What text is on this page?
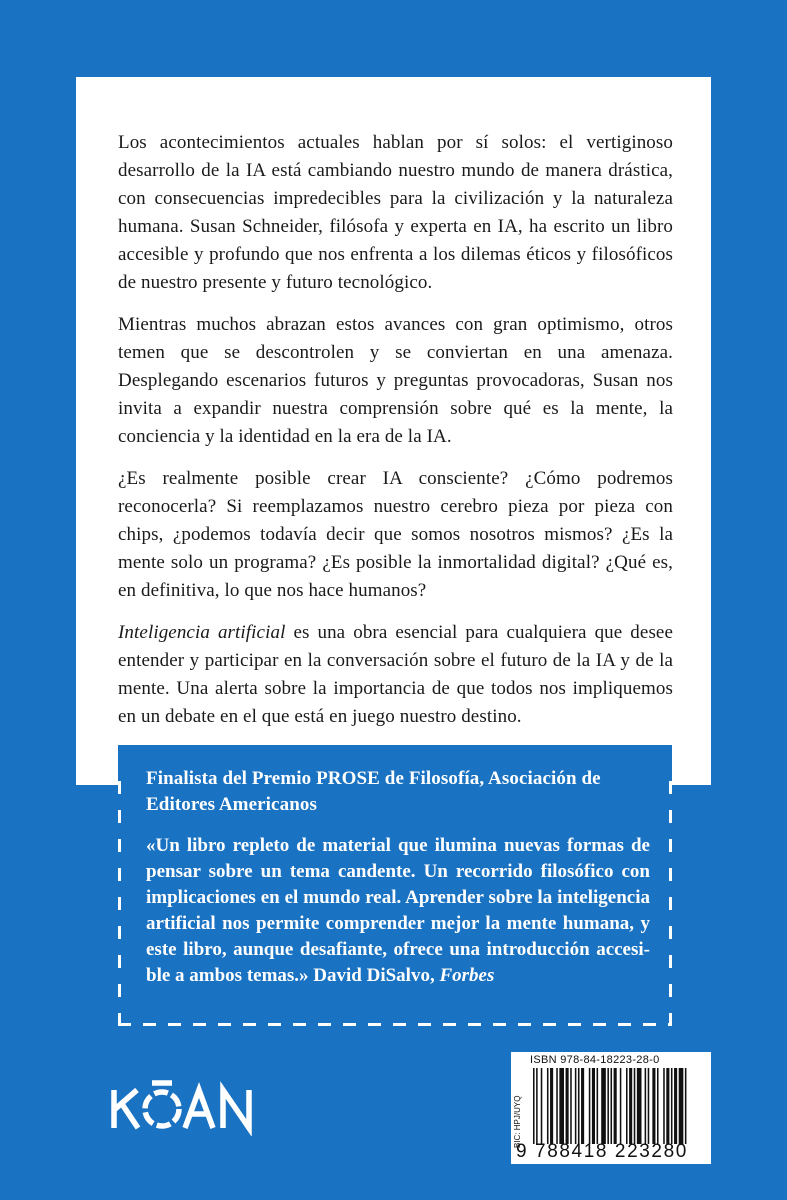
Los acontecimientos actuales hablan por sí solos: el vertiginoso desarrollo de la IA está cambiando nuestro mundo de manera drástica, con consecuencias impredecibles para la civilización y la naturaleza humana. Susan Schneider, filósofa y experta en IA, ha escrito un libro accesible y profundo que nos enfrenta a los dilemas éticos y filosóficos de nuestro presente y futuro tecnológico.

Mientras muchos abrazan estos avances con gran optimismo, otros temen que se descontrolen y se conviertan en una amenaza. Desplegando escenarios futuros y preguntas provocadoras, Susan nos invita a expandir nuestra comprensión sobre qué es la mente, la conciencia y la identidad en la era de la IA.

¿Es realmente posible crear IA consciente? ¿Cómo podremos reconocerla? Si reemplazamos nuestro cerebro pieza por pieza con chips, ¿podemos todavía decir que somos nosotros mismos? ¿Es la mente solo un programa? ¿Es posible la inmortalidad digital? ¿Qué es, en definitiva, lo que nos hace humanos?

Inteligencia artificial es una obra esencial para cualquiera que desee entender y participar en la conversación sobre el futuro de la IA y de la mente. Una alerta sobre la importancia de que todos nos impliquemos en un debate en el que está en juego nuestro destino.

Finalista del Premio PROSE de Filosofía, Asociación de Editores Americanos

«Un libro repleto de material que ilumina nuevas formas de pensar sobre un tema candente. Un recorrido filosófico con implicaciones en el mundo real. Aprender sobre la inteligencia artificial nos permite comprender mejor la mente humana, y este libro, aunque desafiante, ofrece una introducción accesible a ambos temas.» David DiSalvo, Forbes

BIC: HPJ/UYQ
ISBN 978-84-18223-28-0
9 788418 223280
